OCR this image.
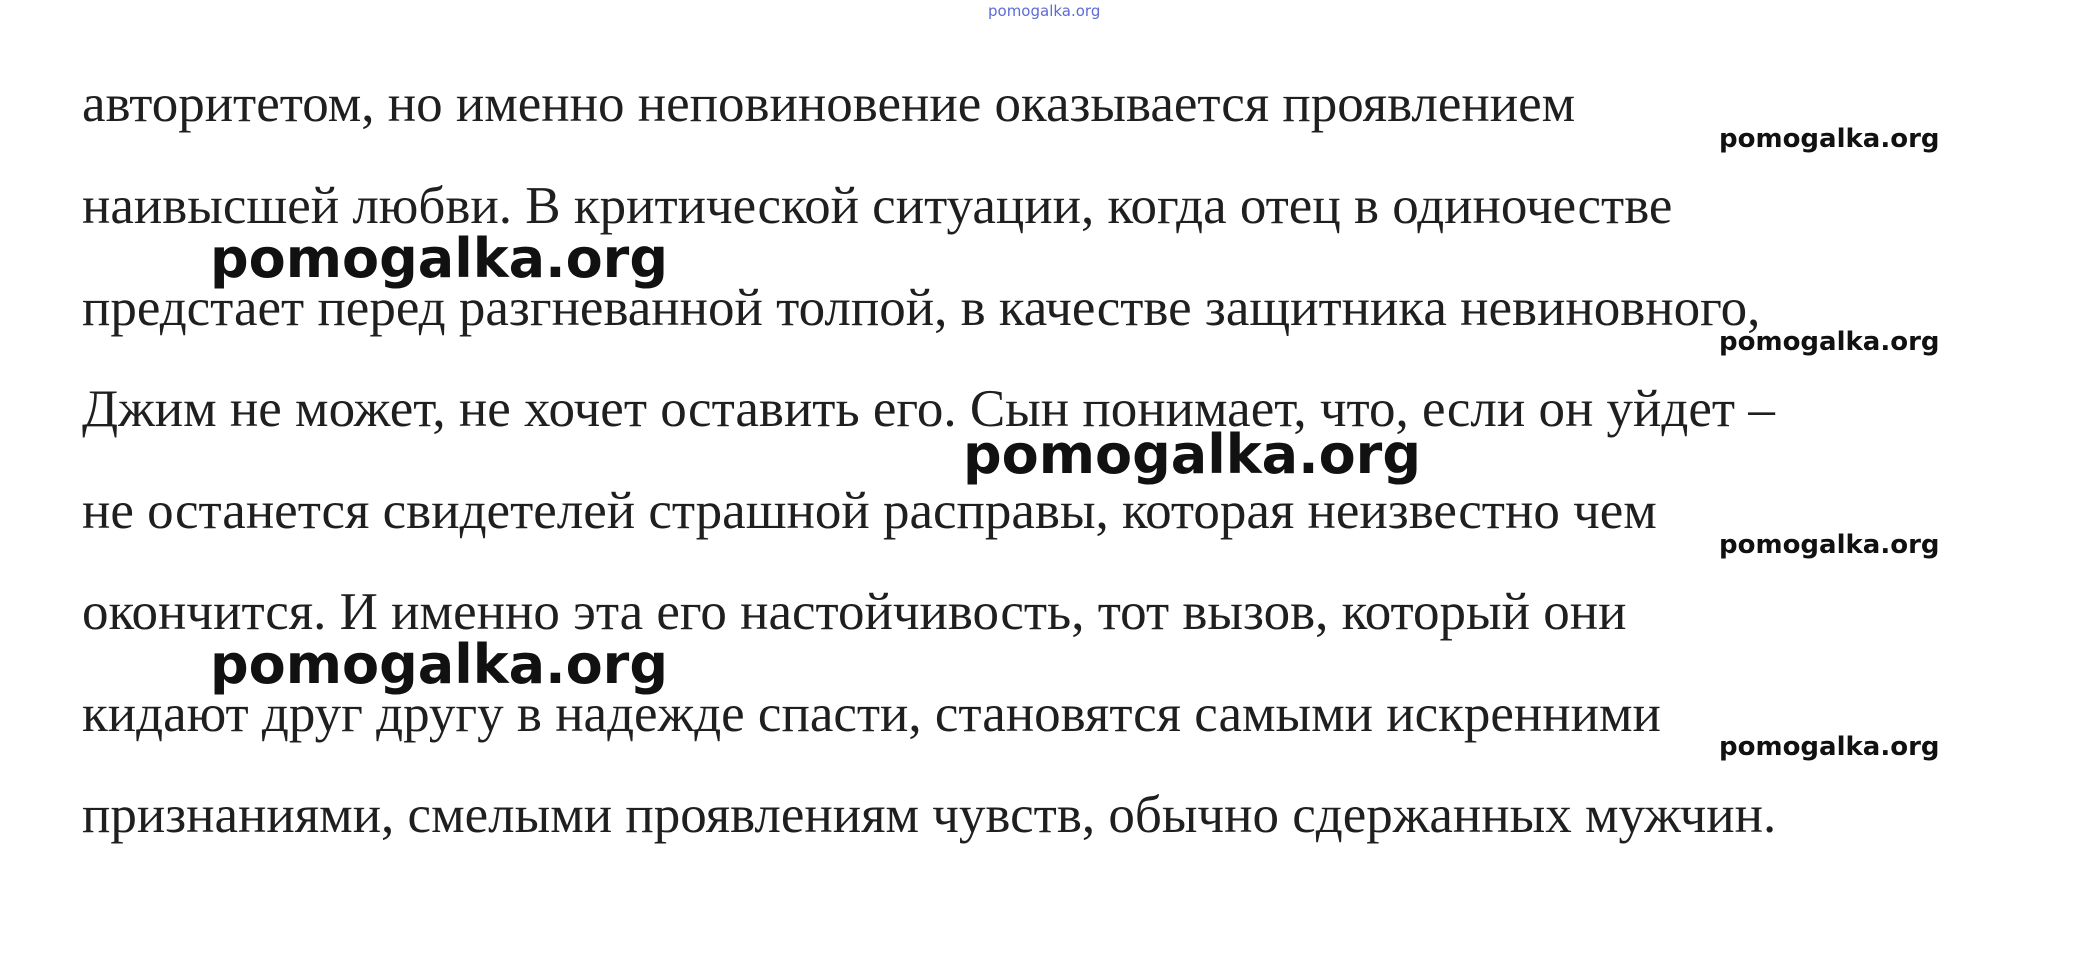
pomogalka.org
авторитетом, но именно неповиновение оказывается проявлением
наивысшей любви. В критической ситуации, когда отец в одиночестве
предстает перед разгневанной толпой, в качестве защитника невиновного,
Джим не может, не хочет оставить его. Сын понимает, что, если он уйдет –
не останется свидетелей страшной расправы, которая неизвестно чем
окончится. И именно эта его настойчивость, тот вызов, который они
кидают друг другу в надежде спасти, становятся самыми искренними
признаниями, смелыми проявлениям чувств, обычно сдержанных мужчин.
pomogalka.org
pomogalka.org
pomogalka.org
pomogalka.org
pomogalka.org
pomogalka.org
pomogalka.org
